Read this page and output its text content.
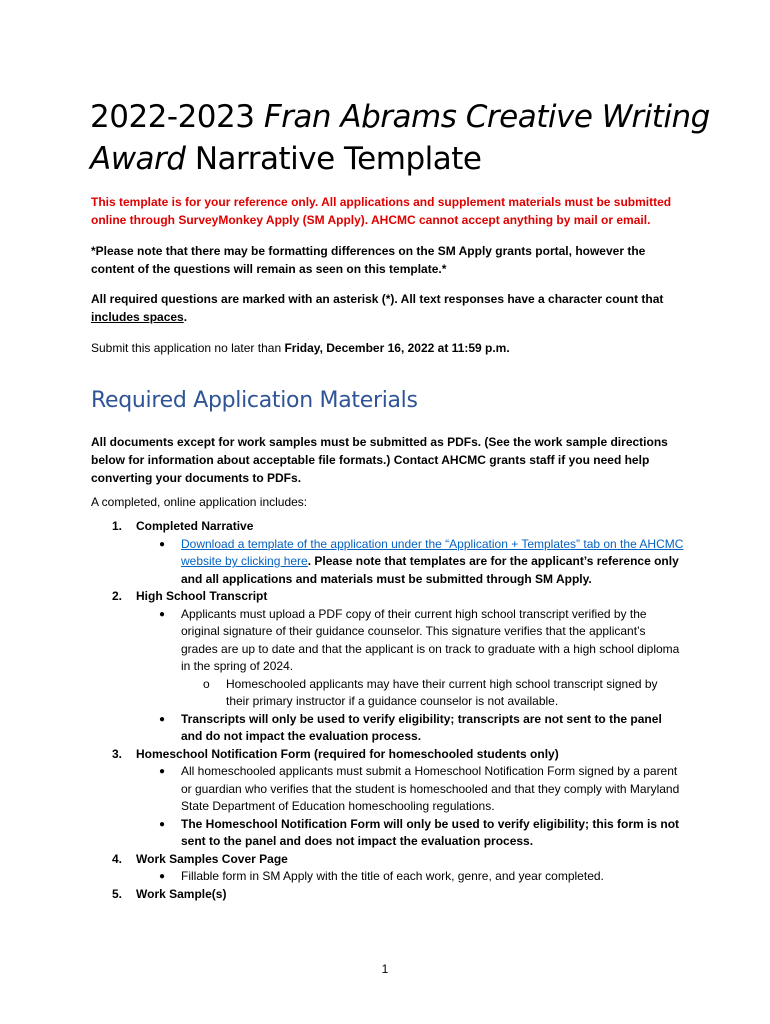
2022-2023 Fran Abrams Creative Writing
Award Narrative Template

This template is for your reference only. All applications and supplement materials must be submitted online through SurveyMonkey Apply (SM Apply). AHCMC cannot accept anything by mail or email.

*Please note that there may be formatting differences on the SM Apply grants portal, however the content of the questions will remain as seen on this template.*

All required questions are marked with an asterisk (*). All text responses have a character count that includes spaces.

Submit this application no later than Friday, December 16, 2022 at 11:59 p.m.

Required Application Materials

All documents except for work samples must be submitted as PDFs. (See the work sample directions below for information about acceptable file formats.) Contact AHCMC grants staff if you need help converting your documents to PDFs.

A completed, online application includes:

1. Completed Narrative
● Download a template of the application under the “Application + Templates” tab on the AHCMC website by clicking here. Please note that templates are for the applicant’s reference only and all applications and materials must be submitted through SM Apply.
2. High School Transcript
● Applicants must upload a PDF copy of their current high school transcript verified by the original signature of their guidance counselor. This signature verifies that the applicant’s grades are up to date and that the applicant is on track to graduate with a high school diploma in the spring of 2024.
o Homeschooled applicants may have their current high school transcript signed by their primary instructor if a guidance counselor is not available.
● Transcripts will only be used to verify eligibility; transcripts are not sent to the panel and do not impact the evaluation process.
3. Homeschool Notification Form (required for homeschooled students only)
● All homeschooled applicants must submit a Homeschool Notification Form signed by a parent or guardian who verifies that the student is homeschooled and that they comply with Maryland State Department of Education homeschooling regulations.
● The Homeschool Notification Form will only be used to verify eligibility; this form is not sent to the panel and does not impact the evaluation process.
4. Work Samples Cover Page
● Fillable form in SM Apply with the title of each work, genre, and year completed.
5. Work Sample(s)
1
